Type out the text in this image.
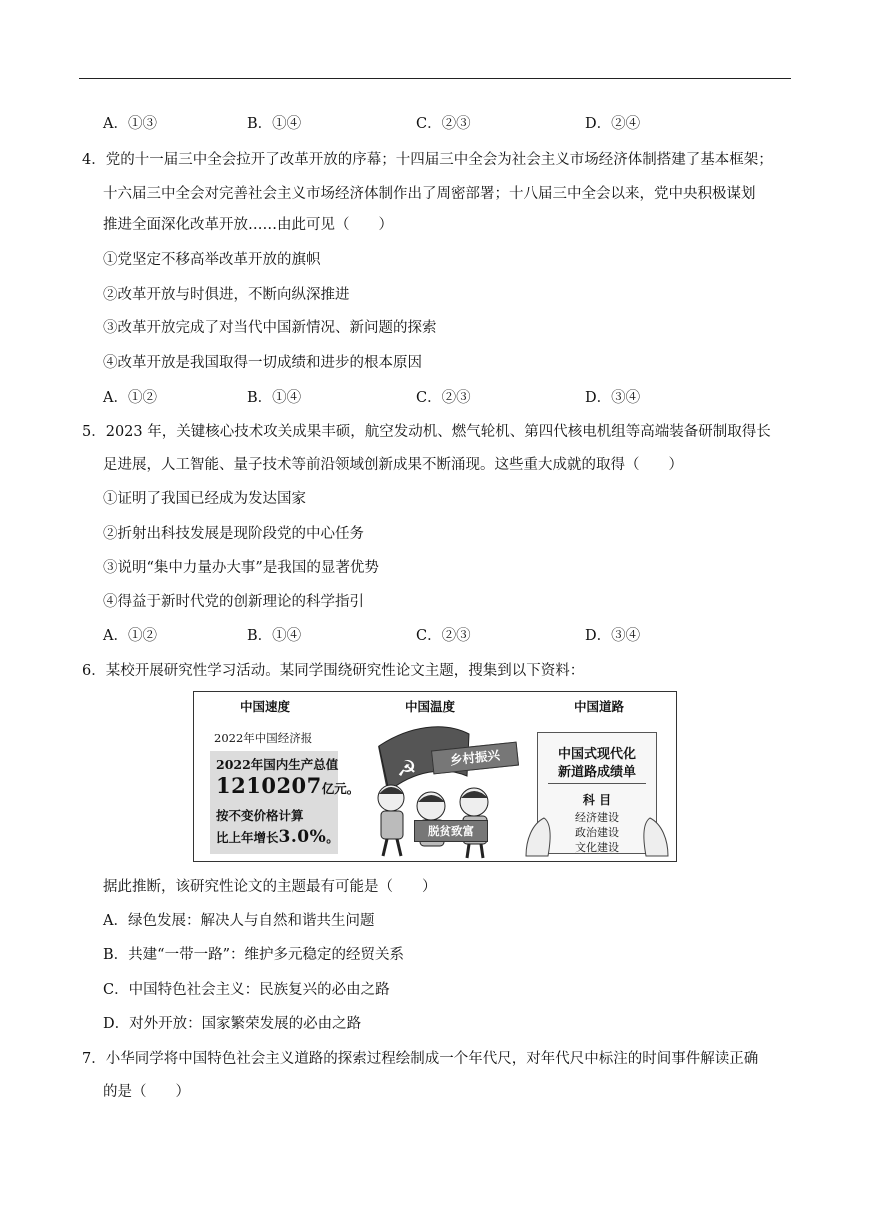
A．①③	B．①④	C．②③	D．②④
4．党的十一届三中全会拉开了改革开放的序幕；十四届三中全会为社会主义市场经济体制搭建了基本框架；
十六届三中全会对完善社会主义市场经济体制作出了周密部署；十八届三中全会以来，党中央积极谋划
推进全面深化改革开放……由此可见（　　）
①党坚定不移高举改革开放的旗帜
②改革开放与时俱进，不断向纵深推进
③改革开放完成了对当代中国新情况、新问题的探索
④改革开放是我国取得一切成绩和进步的根本原因
A．①②	B．①④	C．②③	D．③④
5．2023 年，关键核心技术攻关成果丰硕，航空发动机、燃气轮机、第四代核电机组等高端装备研制取得长
足进展，人工智能、量子技术等前沿领域创新成果不断涌现。这些重大成就的取得（　　）
①证明了我国已经成为发达国家
②折射出科技发展是现阶段党的中心任务
③说明“集中力量办大事”是我国的显著优势
④得益于新时代党的创新理论的科学指引
A．①②	B．①④	C．②③	D．③④
6．某校开展研究性学习活动。某同学围绕研究性论文主题，搜集到以下资料：
中国速度
2022年中国经济报
2022年国内生产总值
1210207亿元。
按不变价格计算
比上年增长3.0%。
中国温度
☭	乡村振兴
脱贫致富
中国道路
中国式现代化
新道路成绩单
科 目
经济建设
政治建设
文化建设
据此推断，该研究性论文的主题最有可能是（　　）
A．绿色发展：解决人与自然和谐共生问题
B．共建“一带一路”：维护多元稳定的经贸关系
C．中国特色社会主义：民族复兴的必由之路
D．对外开放：国家繁荣发展的必由之路
7．小华同学将中国特色社会主义道路的探索过程绘制成一个年代尺，对年代尺中标注的时间事件解读正确
的是（　　）
